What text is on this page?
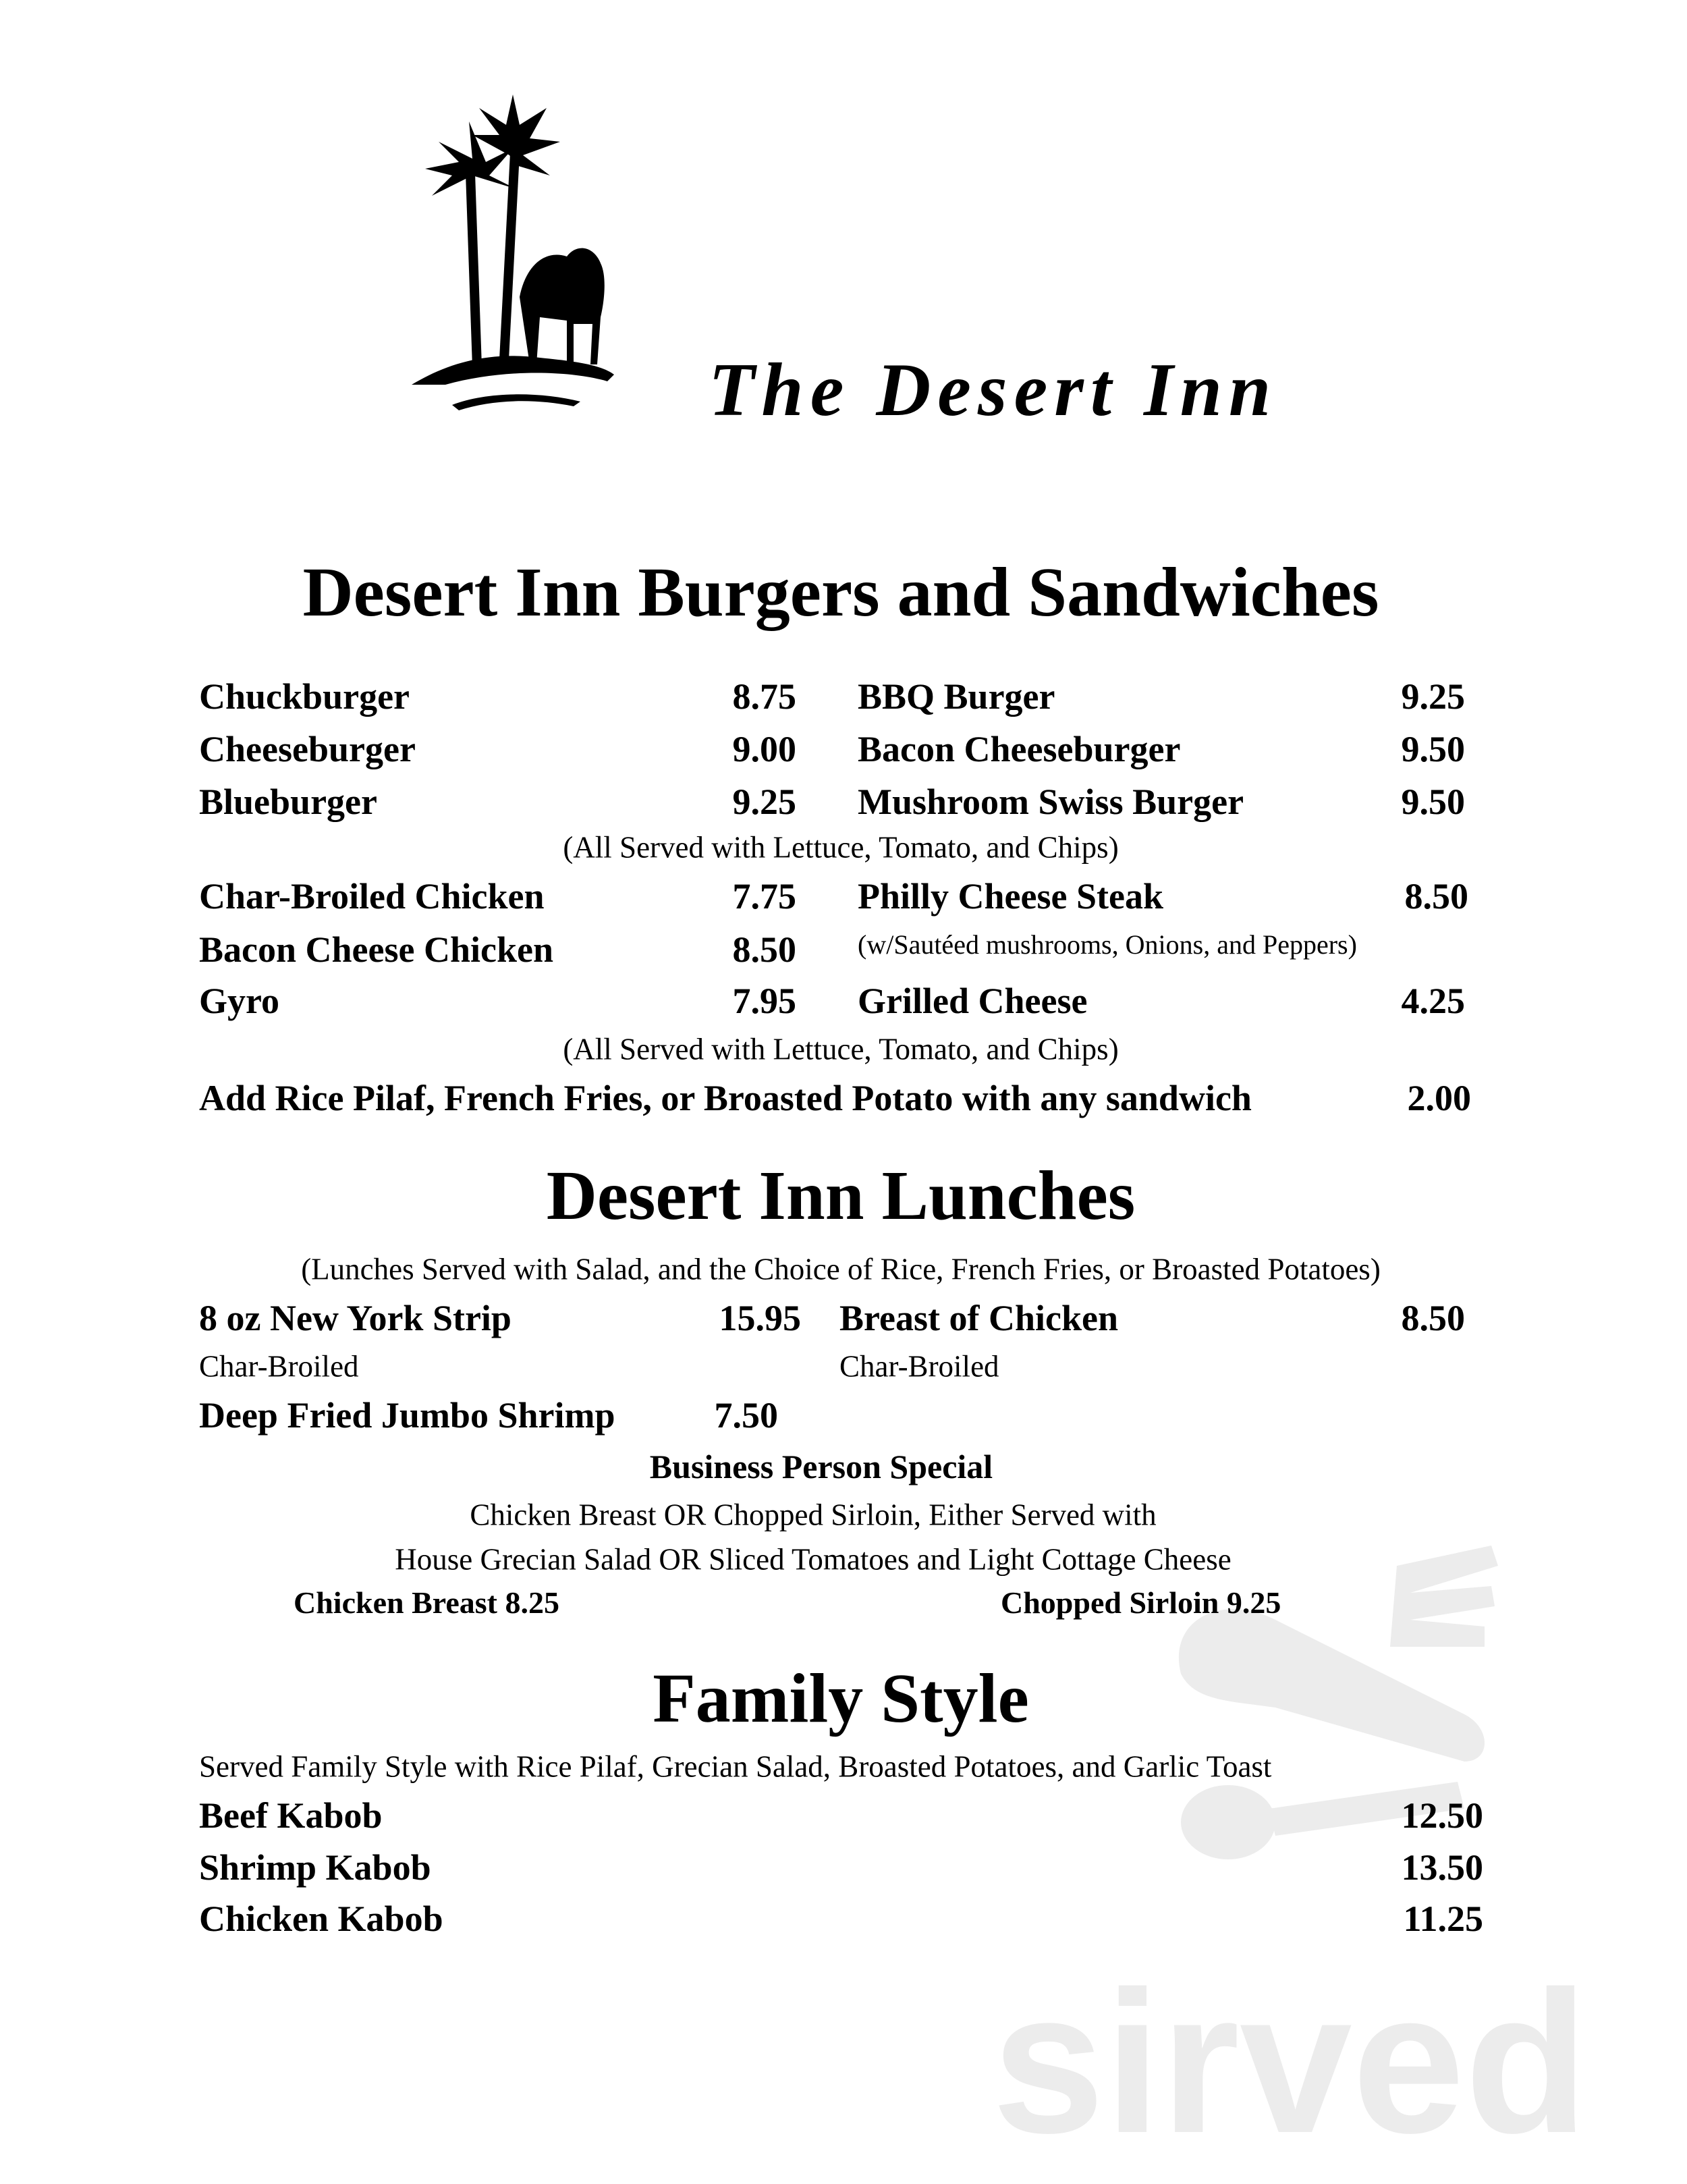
The Desert Inn
sirved
Desert Inn Burgers and Sandwiches
Chuckburger	8.75
Cheeseburger	9.00
Blueburger	9.25
BBQ Burger	9.25
Bacon Cheeseburger	9.50
Mushroom Swiss Burger	9.50
(All Served with Lettuce, Tomato, and Chips)
Char-Broiled Chicken	7.75
Bacon Cheese Chicken	8.50
Gyro	7.95
Philly Cheese Steak	8.50
(w/Sautéed mushrooms, Onions, and Peppers)
Grilled Cheese	4.25
(All Served with Lettuce, Tomato, and Chips)
Add Rice Pilaf, French Fries, or Broasted Potato with any sandwich	2.00
Desert Inn Lunches
(Lunches Served with Salad, and the Choice of Rice, French Fries, or Broasted Potatoes)
8 oz New York Strip	15.95
Char-Broiled
Breast of Chicken	8.50
Char-Broiled
Deep Fried Jumbo Shrimp	7.50
Business Person Special
Chicken Breast OR Chopped Sirloin, Either Served with
House Grecian Salad OR Sliced Tomatoes and Light Cottage Cheese
Chicken Breast 8.25	Chopped Sirloin 9.25
Family Style
Served Family Style with Rice Pilaf, Grecian Salad, Broasted Potatoes, and Garlic Toast
Beef Kabob	12.50
Shrimp Kabob	13.50
Chicken Kabob	11.25
